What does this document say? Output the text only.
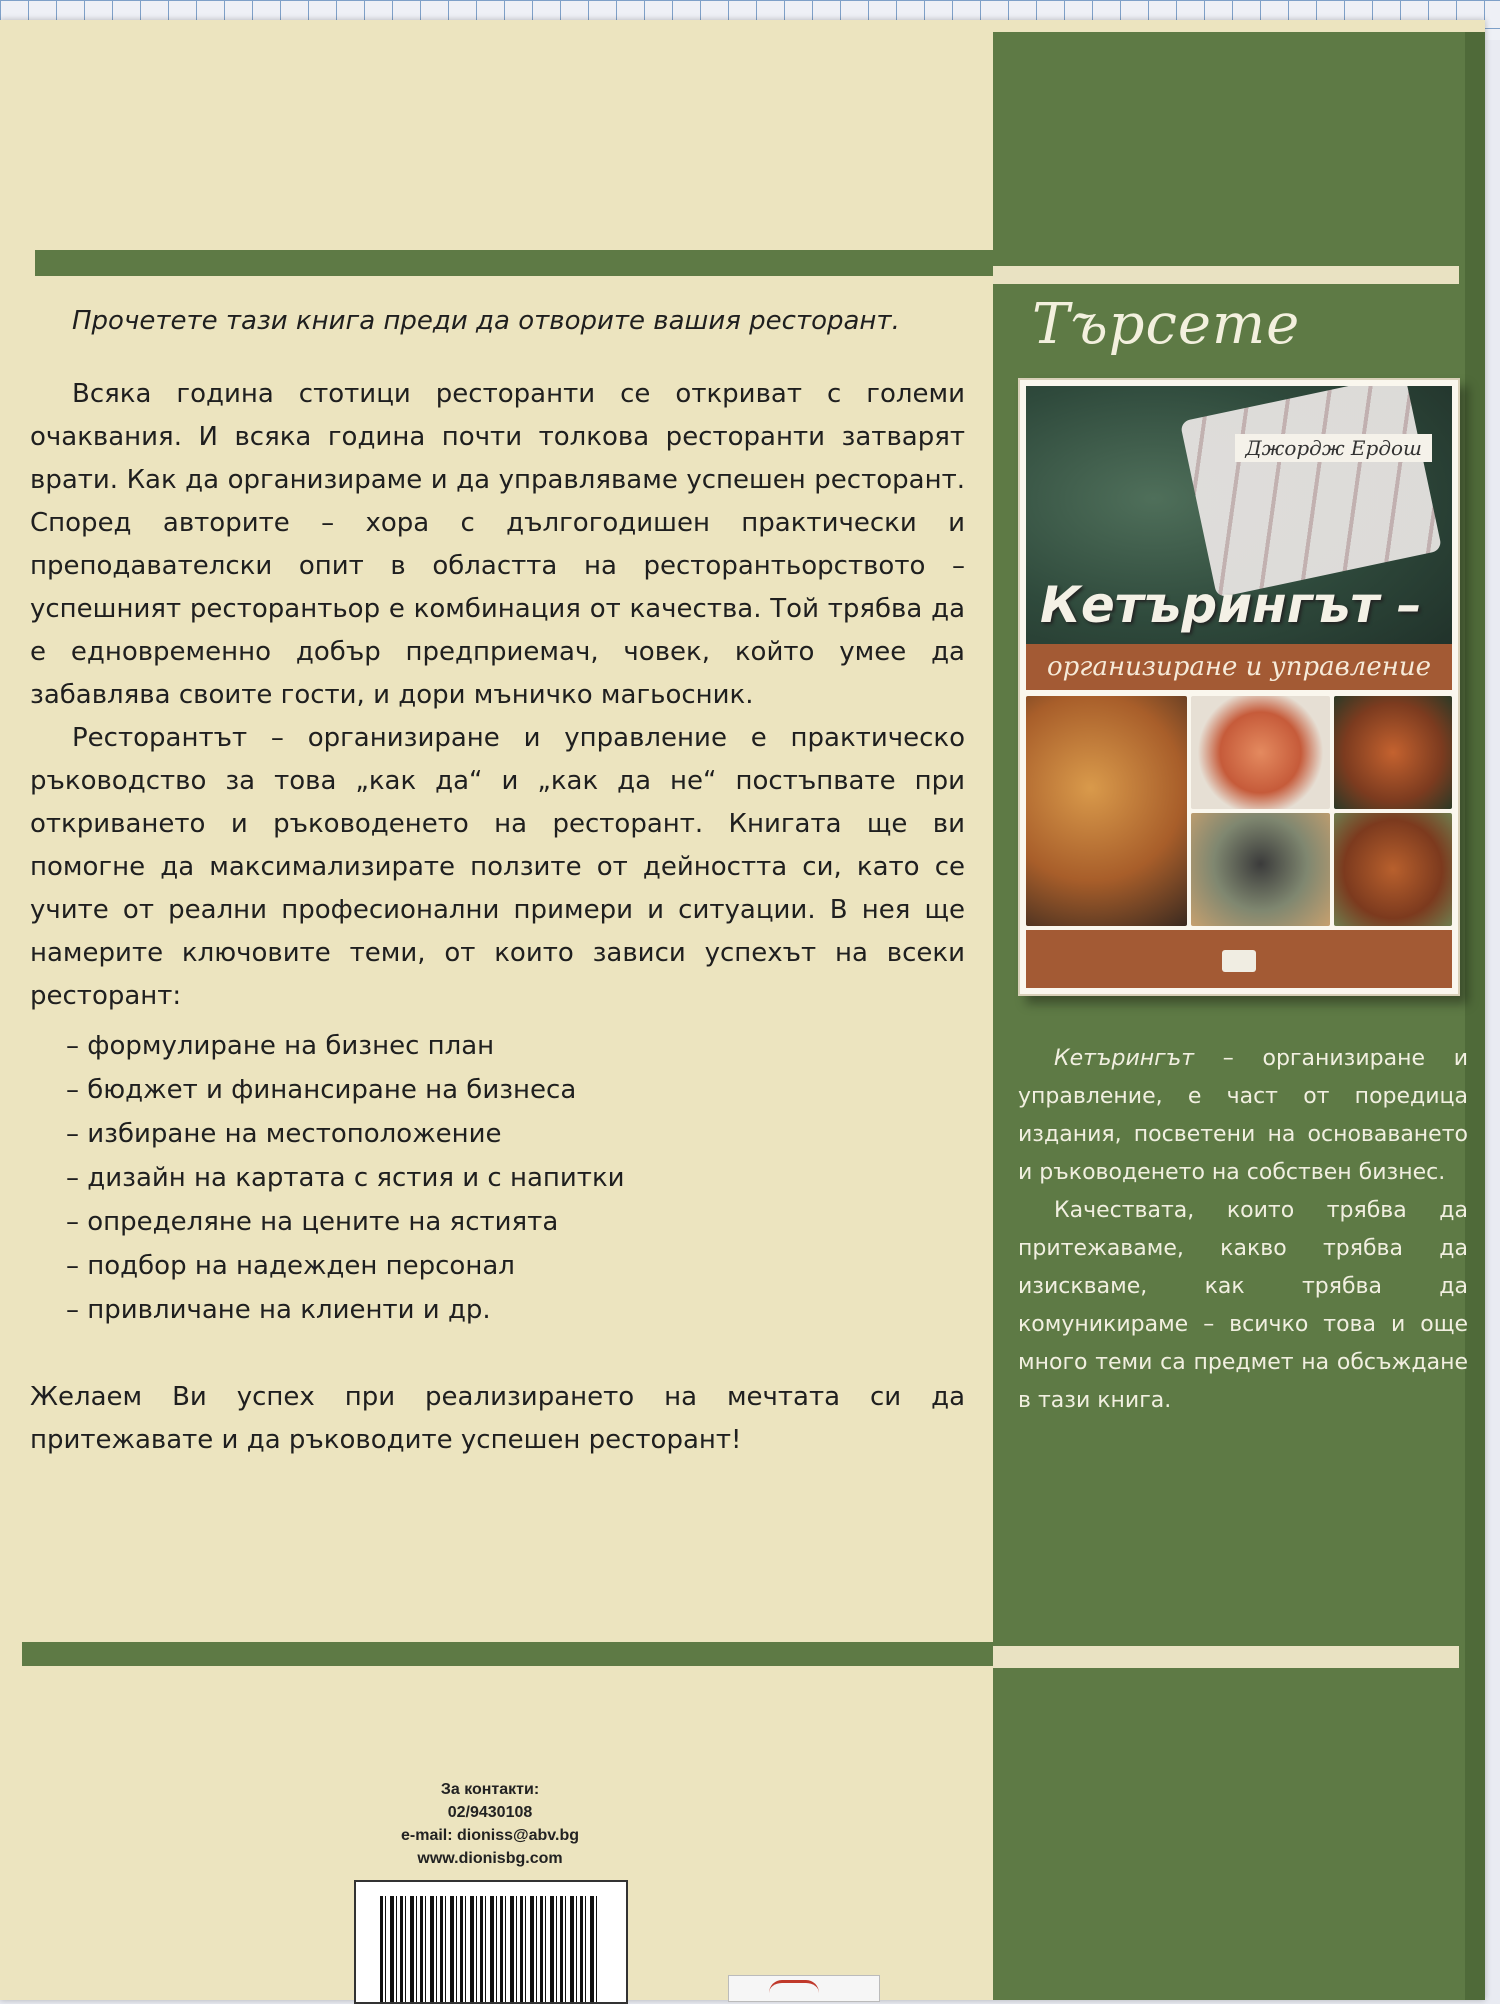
Прочетете тази книга преди да отворите вашия ресторант.

Всяка година стотици ресторанти се откриват с големи очаквания. И всяка година почти толкова ресторанти затварят врати. Как да организираме и да управляваме успешен ресторант. Според авторите – хора с дългогодишен практически и преподавателски опит в областта на ресторантьорството – успешният ресторантьор е комбинация от качества. Той трябва да е едновременно добър предприемач, човек, който умее да забавлява своите гости, и дори мъничко магьосник.

Ресторантът – организиране и управление е практическо ръководство за това „как да“ и „как да не“ постъпвате при откриването и ръководенето на ресторант. Книгата ще ви помогне да максимализирате ползите от дейността си, като се учите от реални професионални примери и ситуации. В нея ще намерите ключовите теми, от които зависи успехът на всеки ресторант:

– формулиране на бизнес план
– бюджет и финансиране на бизнеса
– избиране на местоположение
– дизайн на картата с ястия и с напитки
– определяне на цените на ястията
– подбор на надежден персонал
– привличане на клиенти и др.

Желаем Ви успех при реализирането на мечтата си да притежавате и да ръководите успешен ресторант!

Търсете
Джордж Ердош
Кетърингът –
организиране и управление

Кетърингът – организиране и управление, е част от поредица издания, посветени на основаването и ръководенето на собствен бизнес.

Качествата, които трябва да притежаваме, какво трябва да изискваме, как трябва да комуникираме – всичко това и още много теми са предмет на обсъждане в тази книга.

За контакти:
02/9430108
e-mail: dioniss@abv.bg
www.dionisbg.com
